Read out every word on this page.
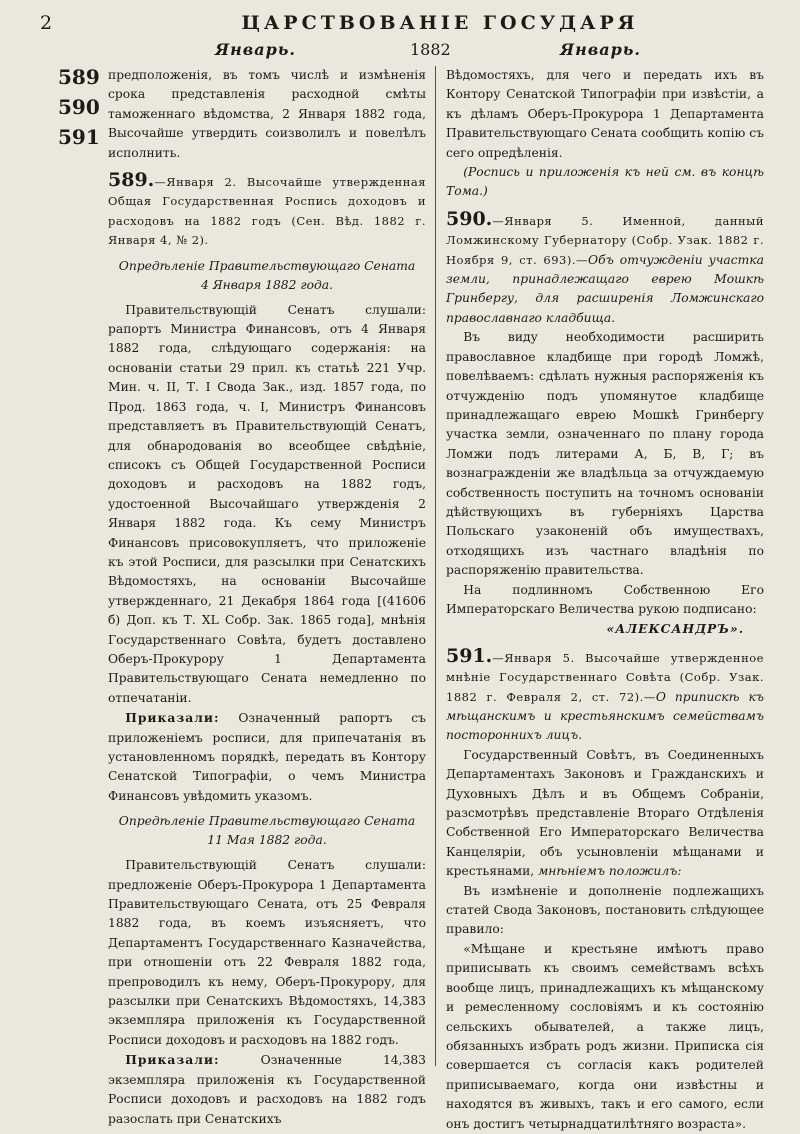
2	ЦАРСТВОВАНІЕ ГОСУДАРЯ
Январь.	1882	Январь.
589
590
591

предположенія, въ томъ числѣ и измѣненія срока представленія расходной смѣты таможеннаго вѣдомства, 2 Января 1882 года, Высочайше утвердить соизволилъ и повелѣлъ исполнить.

589.—Января 2. Высочайше утвержденная Общая Государственная Роспись доходовъ и расходовъ на 1882 годъ (Сен. Вѣд. 1882 г. Января 4, № 2).

Опредѣленіе Правительствующаго Сената
4 Января 1882 года.

Правительствующій Сенатъ слушали: рапортъ Министра Финансовъ, отъ 4 Января 1882 года, слѣдующаго содержанія: на основаніи статьи 29 прил. къ статьѣ 221 Учр. Мин. ч. II, Т. I Свода Зак., изд. 1857 года, по Прод. 1863 года, ч. I, Министръ Финансовъ представляетъ въ Правительствующій Сенатъ, для обнародованія во всеобщее свѣдѣніе, списокъ съ Общей Государственной Росписи доходовъ и расходовъ на 1882 годъ, удостоенной Высочайшаго утвержденія 2 Января 1882 года. Къ сему Министръ Финансовъ присовокупляетъ, что приложеніе къ этой Росписи, для разсылки при Сенатскихъ Вѣдомостяхъ, на основаніи Высочайше утвержденнаго, 21 Декабря 1864 года [(41606 б) Доп. къ Т. XL Собр. Зак. 1865 года], мнѣнія Государственнаго Совѣта, будетъ доставлено Оберъ-Прокурору 1 Департамента Правительствующаго Сената немедленно по отпечатаніи.

Приказали: Означенный рапортъ съ приложеніемъ росписи, для припечатанія въ установленномъ порядкѣ, передать въ Контору Сенатской Типографіи, о чемъ Министра Финансовъ увѣдомить указомъ.

Опредѣленіе Правительствующаго Сената
11 Мая 1882 года.

Правительствующій Сенатъ слушали: предложеніе Оберъ-Прокурора 1 Департамента Правительствующаго Сената, отъ 25 Февраля 1882 года, въ коемъ изъясняетъ, что Департаментъ Государственнаго Казначейства, при отношеніи отъ 22 Февраля 1882 года, препроводилъ къ нему, Оберъ-Прокурору, для разсылки при Сенатскихъ Вѣдомостяхъ, 14,383 экземпляра приложенія къ Государственной Росписи доходовъ и расходовъ на 1882 годъ.

Приказали: Означенные 14,383 экземпляра приложенія къ Государственной Росписи доходовъ и расходовъ на 1882 годъ разослать при Сенатскихъ

Вѣдомостяхъ, для чего и передать ихъ въ Контору Сенатской Типографіи при извѣстіи, а къ дѣламъ Оберъ-Прокурора 1 Департамента Правительствующаго Сената сообщить копію съ сего опредѣленія.

(Роспись и приложенія къ ней см. въ концѣ Тома.)

590.—Января 5. Именной, данный Ломжинскому Губернатору (Собр. Узак. 1882 г. Ноября 9, ст. 693).—Объ отчужденіи участка земли, принадлежащаго еврею Мошкѣ Гринбергу, для расширенія Ломжинскаго православнаго кладбища.

Въ виду необходимости расширить православное кладбище при городѣ Ломжѣ, повелѣваемъ: сдѣлать нужныя распоряженія къ отчужденію подъ упомянутое кладбище принадлежащаго еврею Мошкѣ Гринбергу участка земли, означеннаго по плану города Ломжи подъ литерами А, Б, В, Г; въ вознагражденіи же владѣльца за отчуждаемую собственность поступить на точномъ основаніи дѣйствующихъ въ губерніяхъ Царства Польскаго узаконеній объ имуществахъ, отходящихъ изъ частнаго владѣнія по распоряженію правительства.

На подлинномъ Собственною Его Императорскаго Величества рукою подписано:

«АЛЕКСАНДРЪ».

591.—Января 5. Высочайше утвержденное мнѣніе Государственнаго Совѣта (Собр. Узак. 1882 г. Февраля 2, ст. 72).—О припискѣ къ мѣщанскимъ и крестьянскимъ семействамъ постороннихъ лицъ.

Государственный Совѣтъ, въ Соединенныхъ Департаментахъ Законовъ и Гражданскихъ и Духовныхъ Дѣлъ и въ Общемъ Собраніи, разсмотрѣвъ представленіе Втораго Отдѣленія Собственной Его Императорскаго Величества Канцеляріи, объ усыновленіи мѣщанами и крестьянами, мнѣніемъ положилъ:

Въ измѣненіе и дополненіе подлежащихъ статей Свода Законовъ, постановить слѣдующее правило:

«Мѣщане и крестьяне имѣютъ право приписывать къ своимъ семействамъ всѣхъ вообще лицъ, принадлежащихъ къ мѣщанскому и ремесленному сословіямъ и къ состоянію сельскихъ обывателей, а также лицъ, обязанныхъ избрать родъ жизни. Приписка сія совершается съ согласія какъ родителей приписываемаго, когда они извѣстны и находятся въ живыхъ, такъ и его самого, если онъ достигъ четырнадцатилѣтняго возраста».
